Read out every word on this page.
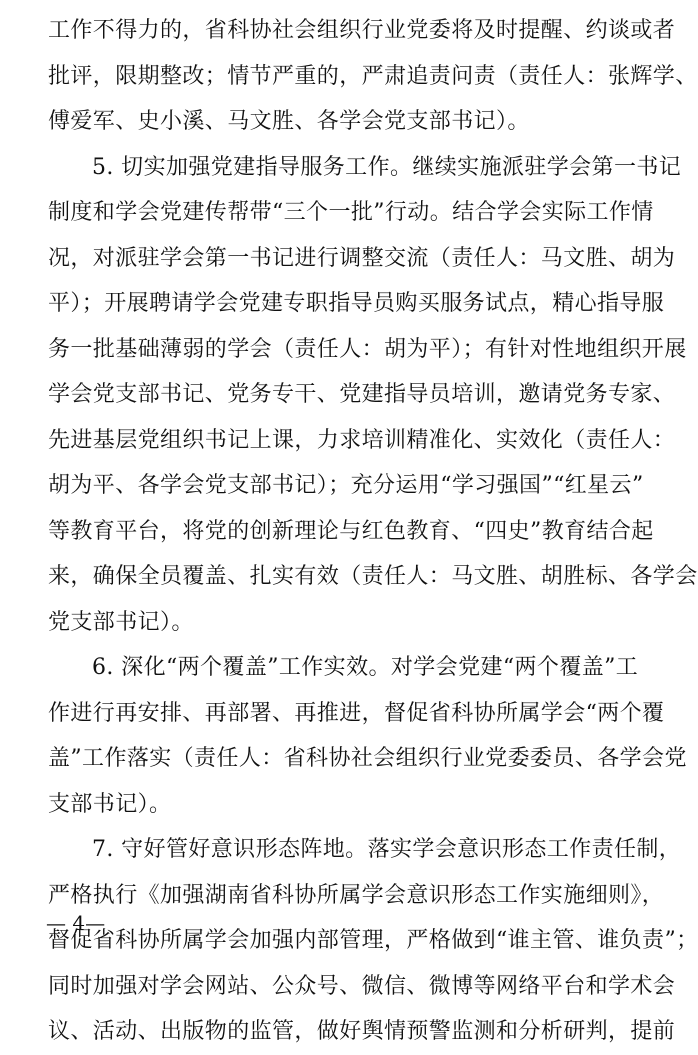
工作不得力的，省科协社会组织行业党委将及时提醒、约谈或者
批评，限期整改；情节严重的，严肃追责问责（责任人：张辉学、
傅爱军、史小溪、马文胜、各学会党支部书记）。
5. 切实加强党建指导服务工作。继续实施派驻学会第一书记
制度和学会党建传帮带“三个一批”行动。结合学会实际工作情
况，对派驻学会第一书记进行调整交流（责任人：马文胜、胡为
平）；开展聘请学会党建专职指导员购买服务试点，精心指导服
务一批基础薄弱的学会（责任人：胡为平）；有针对性地组织开展
学会党支部书记、党务专干、党建指导员培训，邀请党务专家、
先进基层党组织书记上课，力求培训精准化、实效化（责任人：
胡为平、各学会党支部书记）；充分运用“学习强国”“红星云”
等教育平台，将党的创新理论与红色教育、“四史”教育结合起
来，确保全员覆盖、扎实有效（责任人：马文胜、胡胜标、各学会
党支部书记）。
6. 深化“两个覆盖”工作实效。对学会党建“两个覆盖”工
作进行再安排、再部署、再推进，督促省科协所属学会“两个覆
盖”工作落实（责任人：省科协社会组织行业党委委员、各学会党
支部书记）。
7. 守好管好意识形态阵地。落实学会意识形态工作责任制，
严格执行《加强湖南省科协所属学会意识形态工作实施细则》，
督促省科协所属学会加强内部管理，严格做到“谁主管、谁负责”；
同时加强对学会网站、公众号、微信、微博等网络平台和学术会
议、活动、出版物的监管，做好舆情预警监测和分析研判，提前
— 4—
